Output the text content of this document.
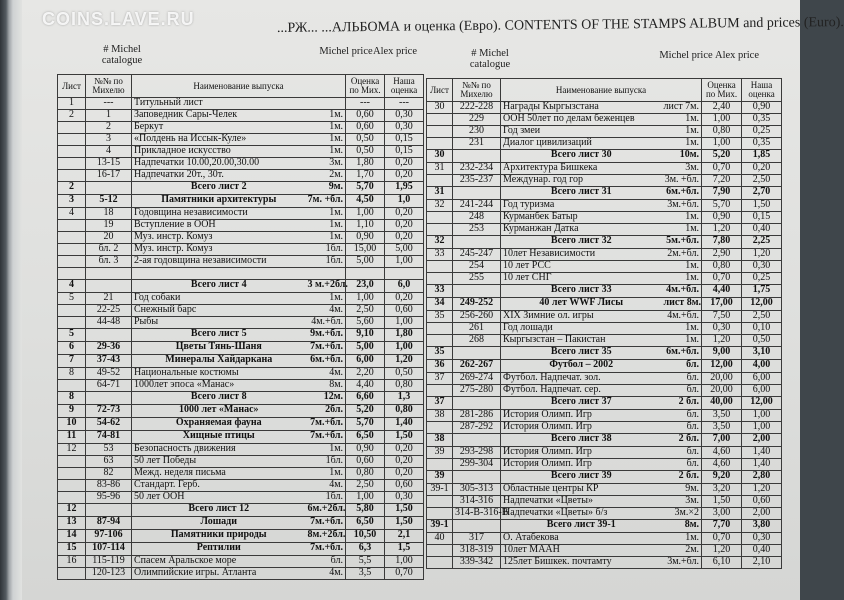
COINS.LAVE.RU	...РЖ... ...АЛЬБОМА и оценка (Евро). CONTENTS OF THE STAMPS ALBUM and prices (Euro).
# Michel catalogue
Michel price Alex price	# Michel catalogue
Michel price Alex price
Лист	№№ по Михелю	Наименование выпуска		Оценка по Мих.	Наша оценка
1	---	Титульный лист		---	---
2	1	Заповедник Сары-Челек	1м.	0,60	0,30
	2	Беркут	1м.	0,60	0,30
	3	«Полдень на Иссык-Куле»	1м.	0,50	0,15
	4	Прикладное искусство	1м.	0,50	0,15
	13-15	Надпечатки 10.00,20.00,30.00	3м.	1,80	0,20
	16-17	Надпечатки 20т., 30т.	2м.	1,70	0,20
2		Всего лист 2	9м.	5,70	1,95
3	5-12	Памятники архитектуры	7м. +бл.	4,50	1,0
4	18	Годовщина независимости	1м.	1,00	0,20
	19	Вступление в ООН	1м.	1,10	0,20
	20	Муз. инстр. Комуз	1м.	0,90	0,20
	бл. 2	Муз. инстр. Комуз	1бл.	15,00	5,00
	бл. 3	2-ая годовщина независимости	1бл.	5,00	1,00

4		Всего лист 4	3 м.+2бл.	23,0	6,0
5	21	Год собаки	1м.	1,00	0,20
	22-25	Снежный барс	4м.	2,50	0,60
	44-48	Рыбы	4м.+бл.	5,60	1,00
5		Всего лист 5	9м.+бл.	9,10	1,80
6	29-36	Цветы Тянь-Шаня	7м.+бл.	5,00	1,00
7	37-43	Минералы Хайдаркана	6м.+бл.	6,00	1,20
8	49-52	Национальные костюмы	4м.	2,20	0,50
	64-71	1000лет эпоса «Манас»	8м.	4,40	0,80
8		Всего лист 8	12м.	6,60	1,3
9	72-73	1000 лет «Манас»	2бл.	5,20	0,80
10	54-62	Охраняемая фауна	7м.+бл.	5,70	1,40
11	74-81	Хищные птицы	7м.+бл.	6,50	1,50
12	53	Безопасность движения	1м.	0,90	0,20
	63	50 лет Победы	1бл.	0,60	0,20
	82	Межд. неделя письма	1м.	0,80	0,20
	83-86	Стандарт. Герб.	4м.	2,50	0,60
	95-96	50 лет ООН	1бл.	1,00	0,30
12		Всего лист 12	6м.+2бл.	5,80	1,50
13	87-94	Лошади	7м.+бл.	6,50	1,50
14	97-106	Памятники природы	8м.+2бл.	10,50	2,1
15	107-114	Рептилии	7м.+бл.	6,3	1,5
16	115-119	Спасем Аральское море	бл.	5,5	1,00
	120-123	Олимпийские игры. Атланта	4м.	3,5	0,70
Лист	№№ по Михелю	Наименование выпуска		Оценка по Мих.	Наша оценка
30	222-228	Награды Кыргызстана	лист 7м.	2,40	0,90
	229	ООН 50лет по делам беженцев	1м.	1,00	0,35
	230	Год змеи	1м.	0,80	0,25
	231	Диалог цивилизаций	1м.	1,00	0,35
30		Всего лист 30	10м.	5,20	1,85
31	232-234	Архитектура Бишкека	3м.	0,70	0,20
	235-237	Междунар. год гор	3м. +бл.	7,20	2,50
31		Всего лист 31	6м.+бл.	7,90	2,70
32	241-244	Год туризма	3м.+бл.	5,70	1,50
	248	Курманбек Батыр	1м.	0,90	0,15
	253	Курманжан Датка	1м.	1,20	0,40
32		Всего лист 32	5м.+бл.	7,80	2,25
33	245-247	10лет Независимости	2м.+бл.	2,90	1,20
	254	10 лет РСС	1м.	0,80	0,30
	255	10 лет СНГ	1м.	0,70	0,25
33		Всего лист 33	4м.+бл.	4,40	1,75
34	249-252	40 лет WWF Лисы	лист 8м.	17,00	12,00
35	256-260	XIX Зимние ол. игры	4м.+бл.	7,50	2,50
	261	Год лошади	1м.	0,30	0,10
	268	Кыргызстан – Пакистан	1м.	1,20	0,50
35		Всего лист 35	6м.+бл.	9,00	3,10
36	262-267	Футбол – 2002	бл.	12,00	4,00
37	269-274	Футбол. Надпечат. зол.	бл.	20,00	6,00
	275-280	Футбол. Надпечат. сер.	бл.	20,00	6,00
37		Всего лист 37	2 бл.	40,00	12,00
38	281-286	История Олимп. Игр	бл.	3,50	1,00
	287-292	История Олимп. Игр	бл.	3,50	1,00
38		Всего лист 38	2 бл.	7,00	2,00
39	293-298	История Олимп. Игр	бл.	4,60	1,40
	299-304	История Олимп. Игр	бл.	4,60	1,40
39		Всего лист 39	2 бл.	9,20	2,80
39-1	305-313	Областные центры КР	9м.	3,20	1,20
	314-316	Надпечатки «Цветы»	3м.	1,50	0,60
	314-В-316-В	Надпечатки «Цветы» б/з	3м.×2	3,00	2,00
39-1		Всего лист 39-1	8м.	7,70	3,80
40	317	О. Атабекова	1м.	0,70	0,30
	318-319	10лет МААН	2м.	1,20	0,40
	339-342	125лет Бишкек. почтамту	3м.+бл.	6,10	2,10
